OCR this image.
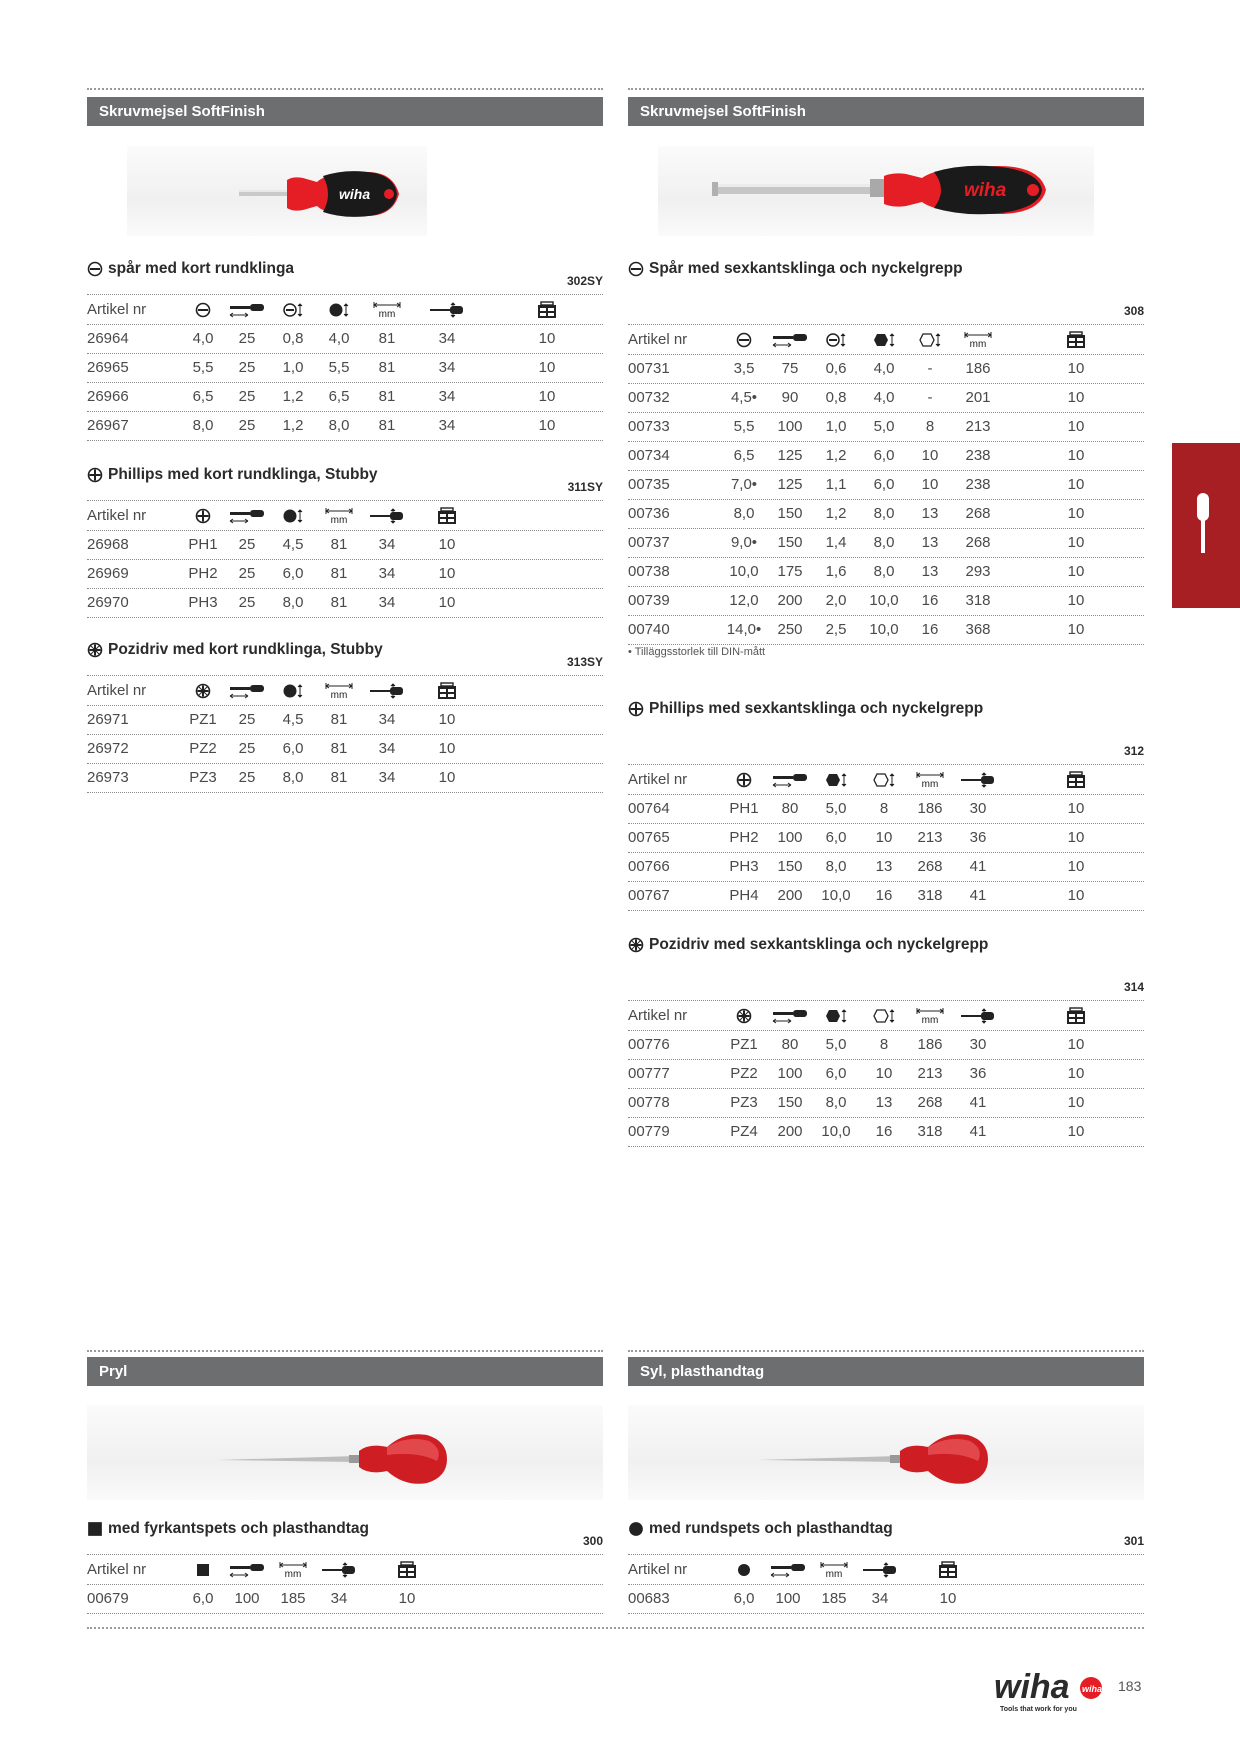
Skruvmejsel SoftFinish
wiha
spår med kort rundklinga
302SY
Artikel nr	mm
26964	4,0	25	0,8	4,0	81	34	10
26965	5,5	25	1,0	5,5	81	34	10
26966	6,5	25	1,2	6,5	81	34	10
26967	8,0	25	1,2	8,0	81	34	10
Phillips med kort rundklinga, Stubby
311SY
Artikel nr	mm
26968	PH1	25	4,5	81	34	10
26969	PH2	25	6,0	81	34	10
26970	PH3	25	8,0	81	34	10
Pozidriv med kort rundklinga, Stubby
313SY
Artikel nr	mm
26971	PZ1	25	4,5	81	34	10
26972	PZ2	25	6,0	81	34	10
26973	PZ3	25	8,0	81	34	10
Skruvmejsel SoftFinish
wiha
Spår med sexkantsklinga och nyckelgrepp
308
Artikel nr	mm
00731	3,5	75	0,6	4,0	-	186	10
00732	4,5•	90	0,8	4,0	-	201	10
00733	5,5	100	1,0	5,0	8	213	10
00734	6,5	125	1,2	6,0	10	238	10
00735	7,0•	125	1,1	6,0	10	238	10
00736	8,0	150	1,2	8,0	13	268	10
00737	9,0•	150	1,4	8,0	13	268	10
00738	10,0	175	1,6	8,0	13	293	10
00739	12,0	200	2,0	10,0	16	318	10
00740	14,0•	250	2,5	10,0	16	368	10
• Tilläggsstorlek till DIN-mått
Phillips med sexkantsklinga och nyckelgrepp
312
Artikel nr	mm
00764	PH1	80	5,0	8	186	30	10
00765	PH2	100	6,0	10	213	36	10
00766	PH3	150	8,0	13	268	41	10
00767	PH4	200	10,0	16	318	41	10
Pozidriv med sexkantsklinga och nyckelgrepp
314
Artikel nr	mm
00776	PZ1	80	5,0	8	186	30	10
00777	PZ2	100	6,0	10	213	36	10
00778	PZ3	150	8,0	13	268	41	10
00779	PZ4	200	10,0	16	318	41	10
Pryl
med fyrkantspets och plasthandtag
300
Artikel nr	mm
00679	6,0	100	185	34	10
Syl, plasthandtag
med rundspets och plasthandtag
301
Artikel nr	mm
00683	6,0	100	185	34	10
wiha wiha
Tools that work for you
183
